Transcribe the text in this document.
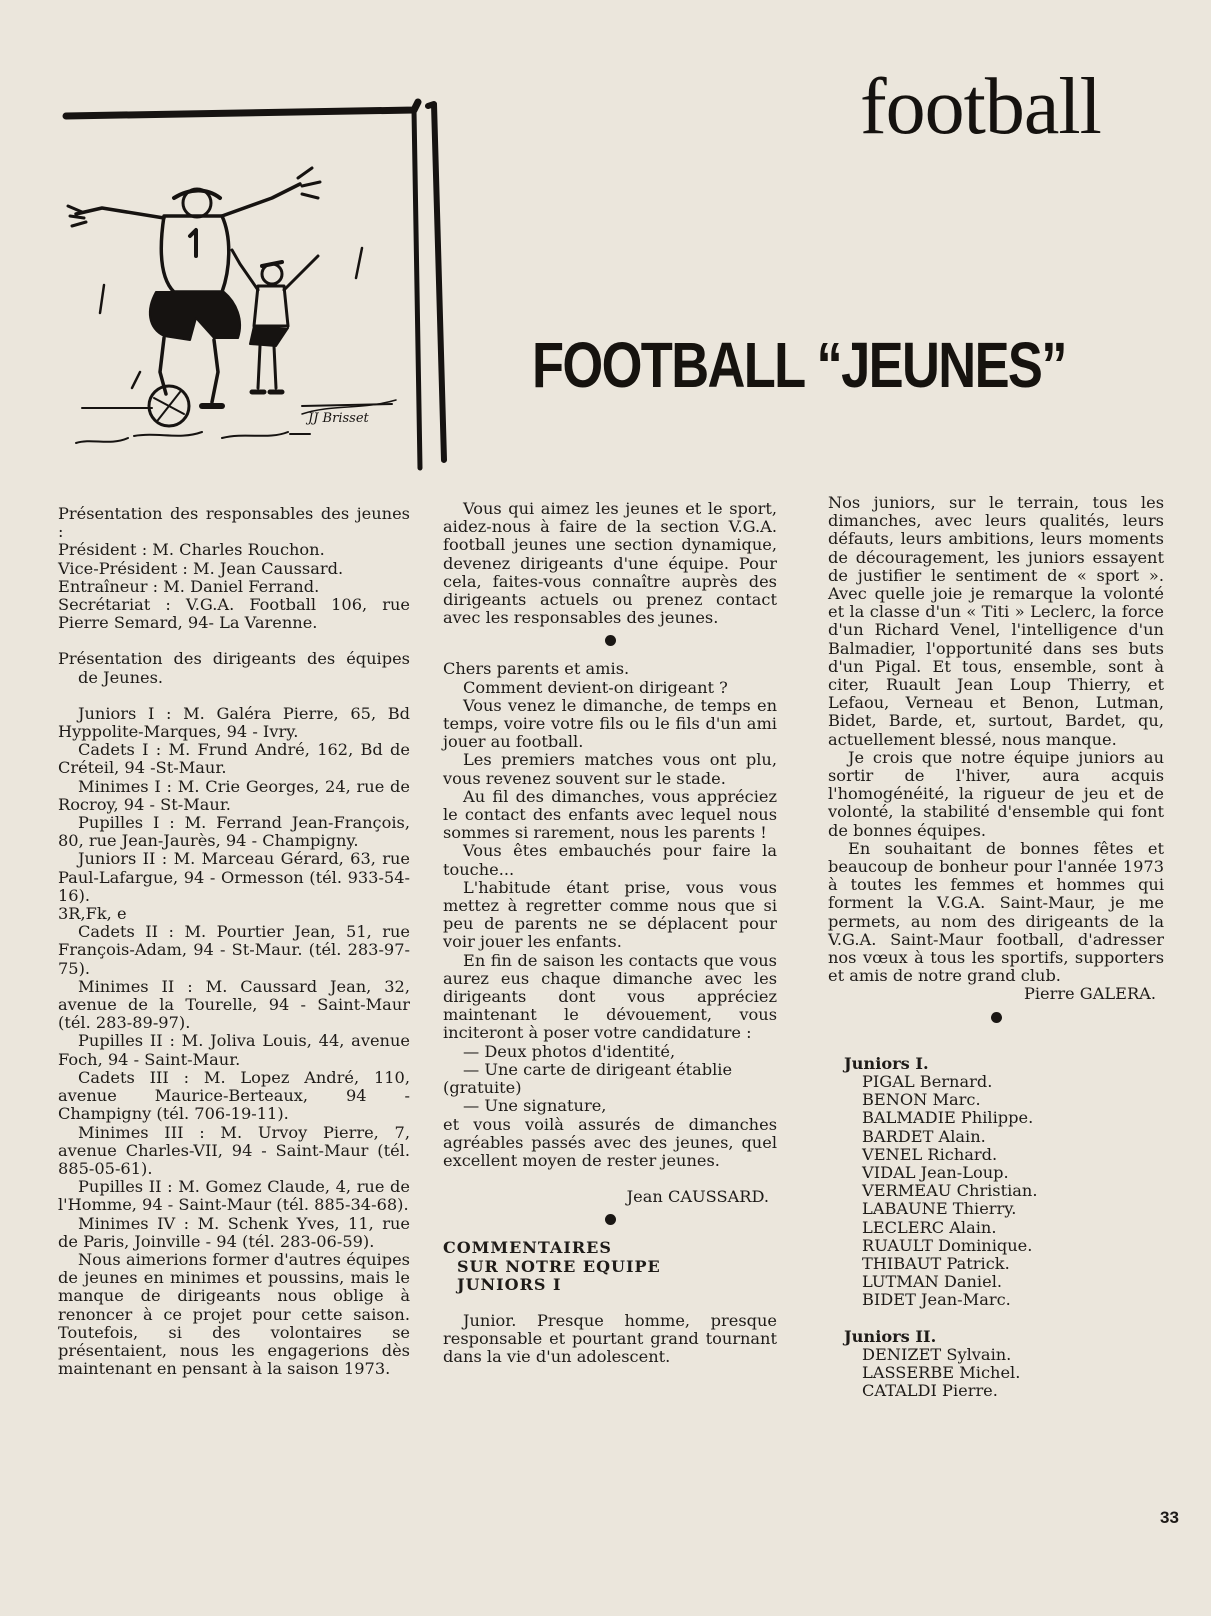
football
FOOTBALL “JEUNES”
JJ Brisset

Présentation des responsables des jeunes :

Président : M. Charles Rouchon.

Vice-Président : M. Jean Caussard.

Entraîneur : M. Daniel Ferrand.

Secrétariat : V.G.A. Football 106, rue Pierre Semard, 94- La Varenne.

Présentation des dirigeants des équipes de Jeunes.

Juniors I : M. Galéra Pierre, 65, Bd Hyppolite-Marques, 94 - Ivry.

Cadets I : M. Frund André, 162, Bd de Créteil, 94 -St-Maur.

Minimes I : M. Crie Georges, 24, rue de Rocroy, 94 - St-Maur.

Pupilles I : M. Ferrand Jean-François, 80, rue Jean-Jaurès, 94 - Champigny.

Juniors II : M. Marceau Gérard, 63, rue Paul-Lafargue, 94 - Ormesson (tél. 933-54-16).

3R,Fk, e

Cadets II : M. Pourtier Jean, 51, rue François-Adam, 94 - St-Maur. (tél. 283-97-75).

Minimes II : M. Caussard Jean, 32, avenue de la Tourelle, 94 - Saint-Maur (tél. 283-89-97).

Pupilles II : M. Joliva Louis, 44, avenue Foch, 94 - Saint-Maur.

Cadets III : M. Lopez André, 110, avenue Maurice-Berteaux, 94 - Champigny (tél. 706-19-11).

Minimes III : M. Urvoy Pierre, 7, avenue Charles-VII, 94 - Saint-Maur (tél. 885-05-61).

Pupilles II : M. Gomez Claude, 4, rue de l'Homme, 94 - Saint-Maur (tél. 885-34-68).

Minimes IV : M. Schenk Yves, 11, rue de Paris, Joinville - 94 (tél. 283-06-59).

Nous aimerions former d'autres équipes de jeunes en minimes et poussins, mais le manque de dirigeants nous oblige à renoncer à ce projet pour cette saison. Toutefois, si des volontaires se présentaient, nous les engagerions dès maintenant en pensant à la saison 1973.

Vous qui aimez les jeunes et le sport, aidez-nous à faire de la section V.G.A. football jeunes une section dynamique, devenez dirigeants d'une équipe. Pour cela, faites-vous connaître auprès des dirigeants actuels ou prenez contact avec les responsables des jeunes.

Chers parents et amis.

Comment devient-on dirigeant ?

Vous venez le dimanche, de temps en temps, voire votre fils ou le fils d'un ami jouer au football.

Les premiers matches vous ont plu, vous revenez souvent sur le stade.

Au fil des dimanches, vous appréciez le contact des enfants avec lequel nous sommes si rarement, nous les parents !

Vous êtes embauchés pour faire la touche...

L'habitude étant prise, vous vous mettez à regretter comme nous que si peu de parents ne se déplacent pour voir jouer les enfants.

En fin de saison les contacts que vous aurez eus chaque dimanche avec les dirigeants dont vous appréciez maintenant le dévouement, vous inciteront à poser votre candidature :

— Deux photos d'identité,

— Une carte de dirigeant établie (gratuite)

— Une signature,

et vous voilà assurés de dimanches agréables passés avec des jeunes, quel excellent moyen de rester jeunes.

Jean CAUSSARD.

COMMENTAIRES

SUR NOTRE EQUIPE

JUNIORS I

Junior. Presque homme, presque responsable et pourtant grand tournant dans la vie d'un adolescent.

Nos juniors, sur le terrain, tous les dimanches, avec leurs qualités, leurs défauts, leurs ambitions, leurs moments de découragement, les juniors essayent de justifier le sentiment de « sport ». Avec quelle joie je remarque la volonté et la classe d'un « Titi » Leclerc, la force d'un Richard Venel, l'intelligence d'un Balmadier, l'opportunité dans ses buts d'un Pigal. Et tous, ensemble, sont à citer, Ruault Jean Loup Thierry, et Lefaou, Verneau et Benon, Lutman, Bidet, Barde, et, surtout, Bardet, qu, actuellement blessé, nous manque.

Je crois que notre équipe juniors au sortir de l'hiver, aura acquis l'homogénéité, la rigueur de jeu et de volonté, la stabilité d'ensemble qui font de bonnes équipes.

En souhaitant de bonnes fêtes et beaucoup de bonheur pour l'année 1973 à toutes les femmes et hommes qui forment la V.G.A. Saint-Maur, je me permets, au nom des dirigeants de la V.G.A. Saint-Maur football, d'adresser nos vœux à tous les sportifs, supporters et amis de notre grand club.

Pierre GALERA.

Juniors I.

PIGAL Bernard.

BENON Marc.

BALMADIE Philippe.

BARDET Alain.

VENEL Richard.

VIDAL Jean-Loup.

VERMEAU Christian.

LABAUNE Thierry.

LECLERC Alain.

RUAULT Dominique.

THIBAUT Patrick.

LUTMAN Daniel.

BIDET Jean-Marc.

Juniors II.

DENIZET Sylvain.

LASSERBE Michel.

CATALDI Pierre.

33
